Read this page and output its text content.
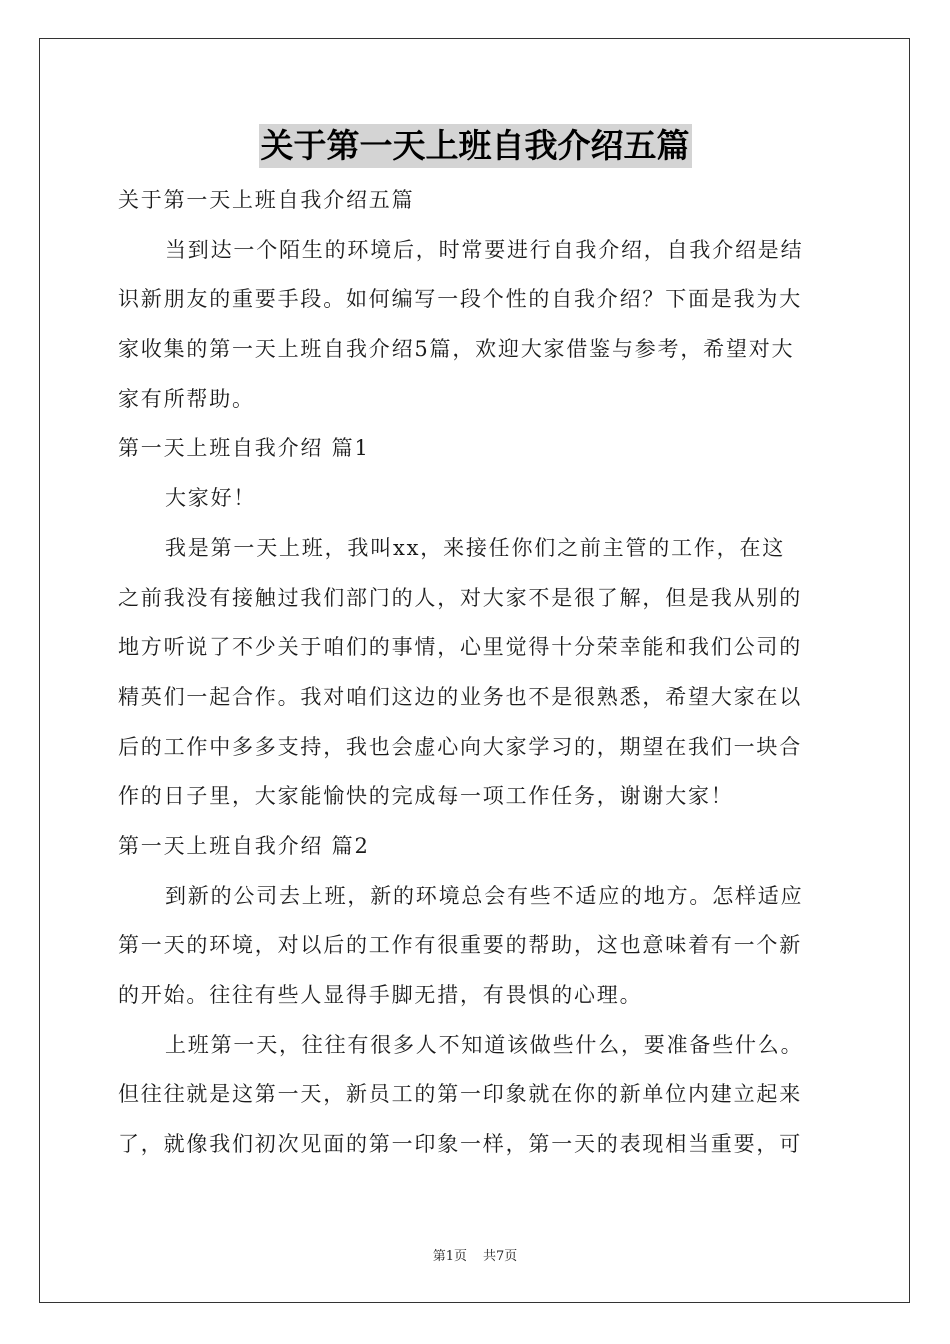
关于第一天上班自我介绍五篇
关于第一天上班自我介绍五篇
当到达一个陌生的环境后，时常要进行自我介绍，自我介绍是结
识新朋友的重要手段。如何编写一段个性的自我介绍？下面是我为大
家收集的第一天上班自我介绍5篇，欢迎大家借鉴与参考，希望对大
家有所帮助。
第一天上班自我介绍 篇1
大家好！
我是第一天上班，我叫xx，来接任你们之前主管的工作，在这
之前我没有接触过我们部门的人，对大家不是很了解，但是我从别的
地方听说了不少关于咱们的事情，心里觉得十分荣幸能和我们公司的
精英们一起合作。我对咱们这边的业务也不是很熟悉，希望大家在以
后的工作中多多支持，我也会虚心向大家学习的，期望在我们一块合
作的日子里，大家能愉快的完成每一项工作任务，谢谢大家！
第一天上班自我介绍 篇2
到新的公司去上班，新的环境总会有些不适应的地方。怎样适应
第一天的环境，对以后的工作有很重要的帮助，这也意味着有一个新
的开始。往往有些人显得手脚无措，有畏惧的心理。
上班第一天，往往有很多人不知道该做些什么，要准备些什么。
但往往就是这第一天，新员工的第一印象就在你的新单位内建立起来
了，就像我们初次见面的第一印象一样，第一天的表现相当重要，可
第1页 共7页
